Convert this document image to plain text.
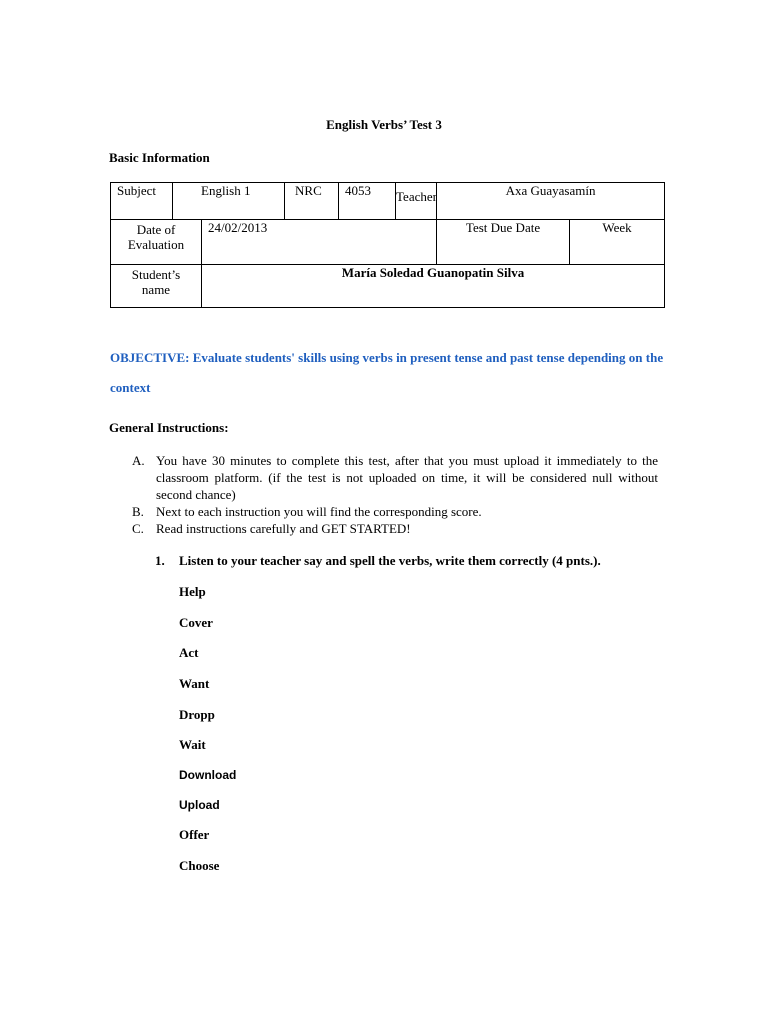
English Verbs’ Test 3
Basic Information
Subject	English 1		NRC	4053	Teacher	Axa Guayasamín	
Date of Evaluation		24/02/2013				Test Due Date	Week
Student’s name		María Soledad Guanopatin Silva					
OBJECTIVE: Evaluate students' skills using verbs in present tense and past tense depending on the context
General Instructions:
A. You have 30 minutes to complete this test, after that you must upload it immediately to the classroom platform. (if the test is not uploaded on time, it will be considered null without second chance)
B. Next to each instruction you will find the corresponding score.
C. Read instructions carefully and GET STARTED!
1. Listen to your teacher say and spell the verbs, write them correctly (4 pnts.).
Help
Cover
Act
Want
Dropp
Wait
Download
Upload
Offer
Choose
